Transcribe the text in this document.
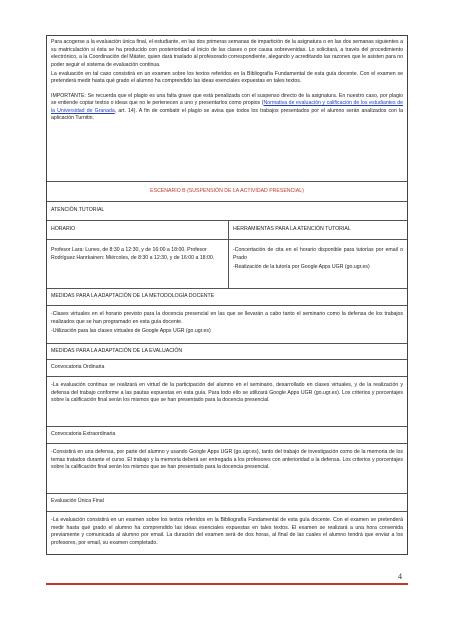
Para acogerse a la evaluación única final, el estudiante, en las dos primeras semanas de impartición de la asignatura o en las dos semanas siguientes a su matriculación si ésta se ha producido con posterioridad al inicio de las clases o por causa sobrevenidas. Lo solicitará, a través del procedimiento electrónico, a la Coordinación del Máster, quien dará traslado al profesorado correspondiente, alegando y acreditando las razones que le asisten para no poder seguir el sistema de evaluación continua.

La evaluación en tal caso consistirá en un examen sobre los textos referidos en la Bibliografía Fundamental de esta guía docente. Con el examen se pretenderá medir hasta qué grado el alumno ha comprendido las ideas esenciales expuestas en tales textos.

IMPORTANTE: Se recuerda que el plagio es una falta grave que está penalizada con el suspenso directo de la asignatura. En nuestro caso, por plagio se entiende copiar textos o ideas que no le pertenecen a uno y presentarlos como propios (Normativa de evaluación y calificación de los estudiantes de la Universidad de Granada, art. 14). A fin de combatir el plagio se avisa que todos los trabajos presentados por el alumno serán analizados con la aplicación Turnitin.

ESCENARIO B (SUSPENSIÓN DE LA ACTIVIDAD PRESENCIAL)
ATENCIÓN TUTORIAL
HORARIO	HERRAMIENTAS PARA LA ATENCIÓN TUTORIAL
Profesor Lara: Lunes, de 8:30 a 12:30, y de 16:00 a 18:00. Profesor Rodríguez Hanrkainen: Miércoles, de 8:30 a 12:30, y de 16:00 a 18:00.

-Concertación de cita en el horario disponible para tutorías por email o Prado

-Realización de la tutoría por Google Apps UGR (go.ugr.es)

MEDIDAS PARA LA ADAPTACIÓN DE LA METODOLOGÍA DOCENTE

-Clases virtuales en el horario previsto para la docencia presencial en las que se llevarán a cabo tanto el seminario como la defensa de los trabajos realizados que se han programado en esta guía docente.

-Utilización para las clases virtuales de Google Apps UGR (go.ugr.es)

MEDIDAS PARA LA ADAPTACIÓN DE LA EVALUACIÓN
Convocatoria Ordinaria

-La evaluación continua se realizará en virtud de la participación del alumno en el seminario, desarrollado en clases virtuales, y de la realización y defensa del trabajo conforme a las pautas expuestas en esta guía. Para todo ello se utilizará Google Apps UGR (go.ugr.es). Los criterios y porcentajes sobre la calificación final serán los mismos que se han presentado para la docencia presencial.

Convocatoria Extraordinaria

-Consistirá en una defensa, por parte del alumno y usando Google Apps UGR (go.ugr.es), tanto del trabajo de investigación como de la memoria de los temas tratados durante el curso. El trabajo y la memoria deberá ser entregada a los profesores con anterioridad a la defensa. Los criterios y porcentajes sobre la calificación final serán los mismos que se han presentado para la docencia presencial.

Evaluación Única Final

-La evaluación consistirá en un examen sobre los textos referidos en la Bibliografía Fundamental de esta guía docente. Con el examen se pretenderá medir hasta qué grado el alumno ha comprendido las ideas esenciales expuestas en tales textos. El examen se realizará a una hora convenida previamente y comunicada al alumno por email. La duración del examen será de dos horas, al final de las cuales el alumno tendrá que enviar a los profesores, por email, su examen completado.

4
